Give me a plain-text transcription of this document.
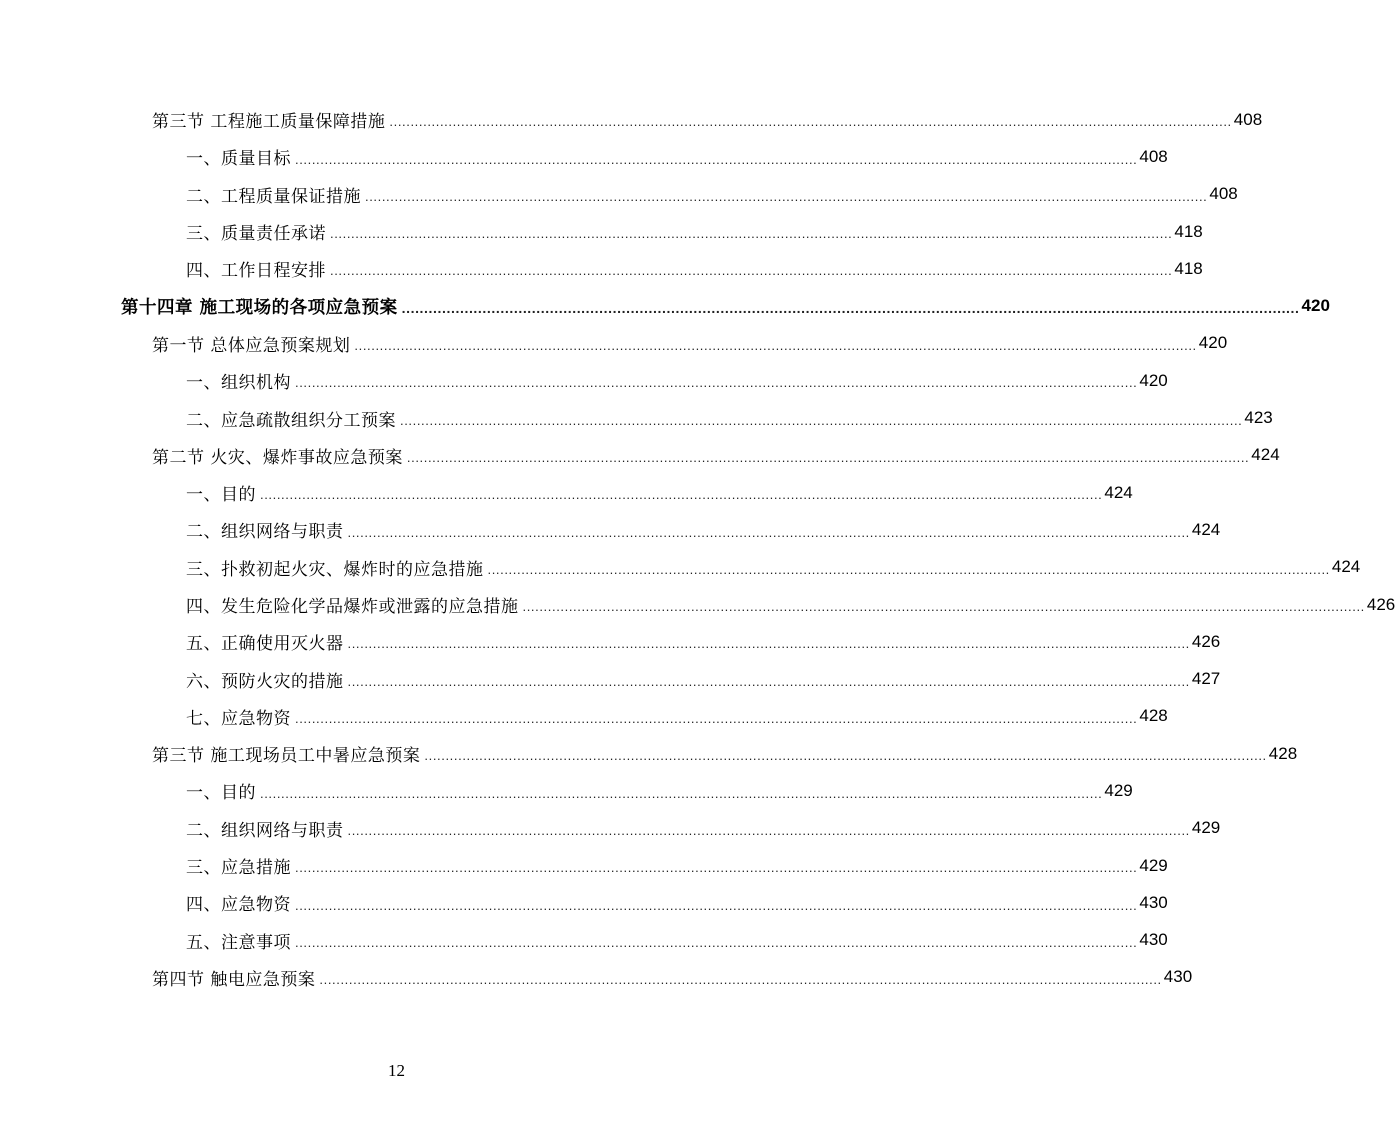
第三节 工程施工质量保障措施 ........................................................................................................................................................................................................ 408
一、质量目标 ........................................................................................................................................................................................................ 408
二、工程质量保证措施 ........................................................................................................................................................................................................ 408
三、质量责任承诺 ........................................................................................................................................................................................................ 418
四、工作日程安排 ........................................................................................................................................................................................................ 418
第十四章 施工现场的各项应急预案 ........................................................................................................................................................................................................ 420
第一节 总体应急预案规划 ........................................................................................................................................................................................................ 420
一、组织机构 ........................................................................................................................................................................................................ 420
二、应急疏散组织分工预案 ........................................................................................................................................................................................................ 423
第二节 火灾、爆炸事故应急预案 ........................................................................................................................................................................................................ 424
一、目的 ........................................................................................................................................................................................................ 424
二、组织网络与职责 ........................................................................................................................................................................................................ 424
三、扑救初起火灾、爆炸时的应急措施 ........................................................................................................................................................................................................ 424
四、发生危险化学品爆炸或泄露的应急措施 ........................................................................................................................................................................................................ 426
五、正确使用灭火器 ........................................................................................................................................................................................................ 426
六、预防火灾的措施 ........................................................................................................................................................................................................ 427
七、应急物资 ........................................................................................................................................................................................................ 428
第三节 施工现场员工中暑应急预案 ........................................................................................................................................................................................................ 428
一、目的 ........................................................................................................................................................................................................ 429
二、组织网络与职责 ........................................................................................................................................................................................................ 429
三、应急措施 ........................................................................................................................................................................................................ 429
四、应急物资 ........................................................................................................................................................................................................ 430
五、注意事项 ........................................................................................................................................................................................................ 430
第四节 触电应急预案 ........................................................................................................................................................................................................ 430
12
